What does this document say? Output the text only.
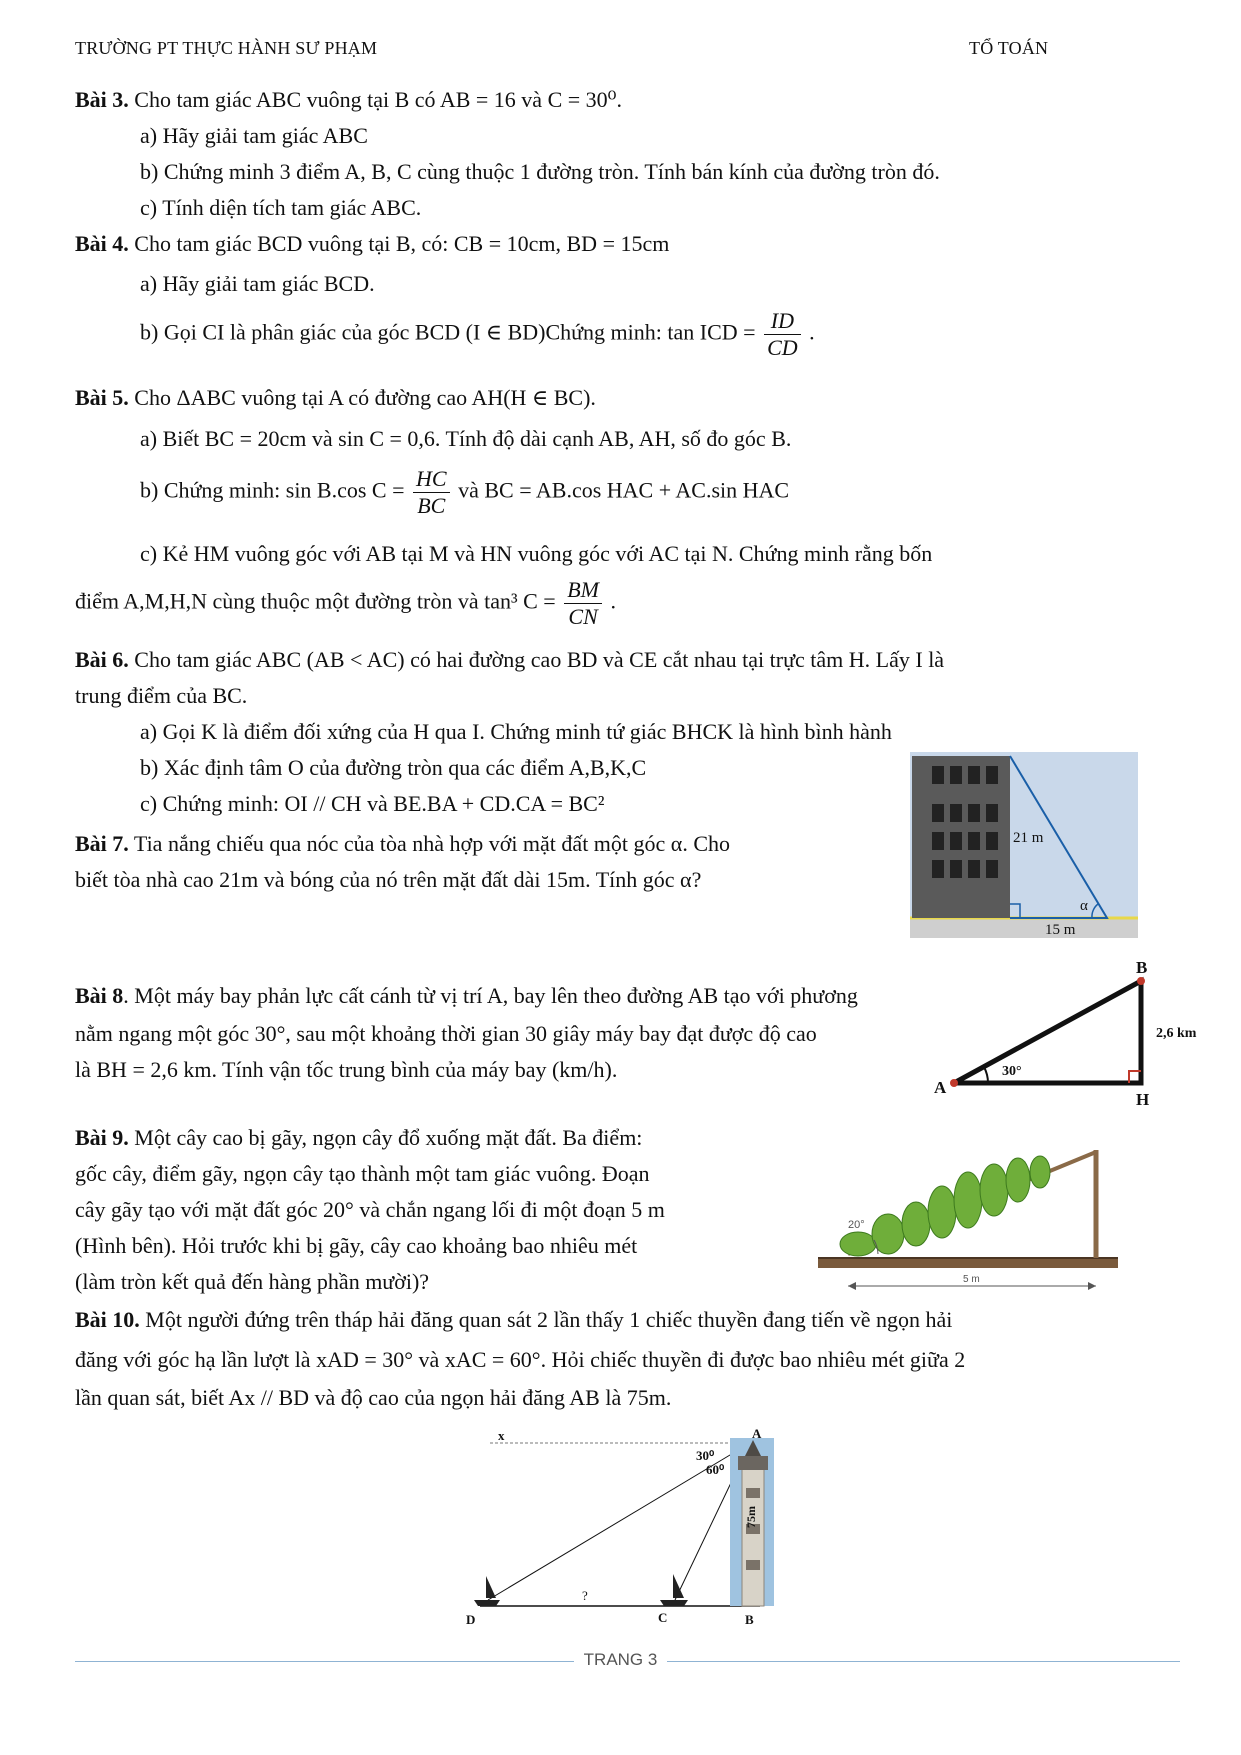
TRƯỜNG PT THỰC HÀNH SƯ PHẠM	TỔ TOÁN
Bài 3. Cho tam giác ABC vuông tại B có AB = 16 và C = 30⁰.
a) Hãy giải tam giác ABC
b) Chứng minh 3 điểm A, B, C cùng thuộc 1 đường tròn. Tính bán kính của đường tròn đó.
c) Tính diện tích tam giác ABC.
Bài 4. Cho tam giác BCD vuông tại B, có: CB = 10cm, BD = 15cm
a) Hãy giải tam giác BCD.
b) Gọi CI là phân giác của góc BCD (I ∈ BD)Chứng minh: tan ICD = $\frac{ID}{CD}$ .
Bài 5. Cho ΔABC vuông tại A có đường cao AH(H ∈ BC).
a) Biết BC = 20cm và sin C = 0,6. Tính độ dài cạnh AB, AH, số đo góc B.
b) Chứng minh: sin B.cos $C = \frac{HC}{BC}$ và BC = AB.cos HAC + AC.sin HAC
c) Kẻ HM vuông góc với AB tại M và HN vuông góc với AC tại N. Chứng minh rằng bốn
điểm A,M,H,N cùng thuộc một đường tròn và tan³ $C = \frac{BM}{CN}$ .
Bài 6. Cho tam giác ABC (AB < AC) có hai đường cao BD và CE cắt nhau tại trực tâm H. Lấy I là
trung điểm của BC.
a) Gọi K là điểm đối xứng của H qua I. Chứng minh tứ giác BHCK là hình bình hành
b) Xác định tâm O của đường tròn qua các điểm A,B,K,C
c) Chứng minh: OI // CH và BE.BA + CD.CA = BC²
Bài 7. Tia nắng chiếu qua nóc của tòa nhà hợp với mặt đất một góc α. Cho
biết tòa nhà cao 21m và bóng của nó trên mặt đất dài 15m. Tính góc α?
21 m
α
15 m
Bài 8. Một máy bay phản lực cất cánh từ vị trí A, bay lên theo đường AB tạo với phương
nằm ngang một góc 30°, sau một khoảng thời gian 30 giây máy bay đạt được độ cao
là BH = 2,6 km. Tính vận tốc trung bình của máy bay (km/h).
B
A
H
2,6 km
30°
Bài 9. Một cây cao bị gãy, ngọn cây đổ xuống mặt đất. Ba điểm:
gốc cây, điểm gãy, ngọn cây tạo thành một tam giác vuông. Đoạn
cây gãy tạo với mặt đất góc 20° và chắn ngang lối đi một đoạn 5 m
(Hình bên). Hỏi trước khi bị gãy, cây cao khoảng bao nhiêu mét
(làm tròn kết quả đến hàng phần mười)?
20°
5 m
Bài 10. Một người đứng trên tháp hải đăng quan sát 2 lần thấy 1 chiếc thuyền đang tiến về ngọn hải
đăng với góc hạ lần lượt là xAD = 30° và xAC = 60°. Hỏi chiếc thuyền đi được bao nhiêu mét giữa 2
lần quan sát, biết Ax // BD và độ cao của ngọn hải đăng AB là 75m.
x	A
30⁰
60⁰
75m
?
D	C	B
TRANG 3
